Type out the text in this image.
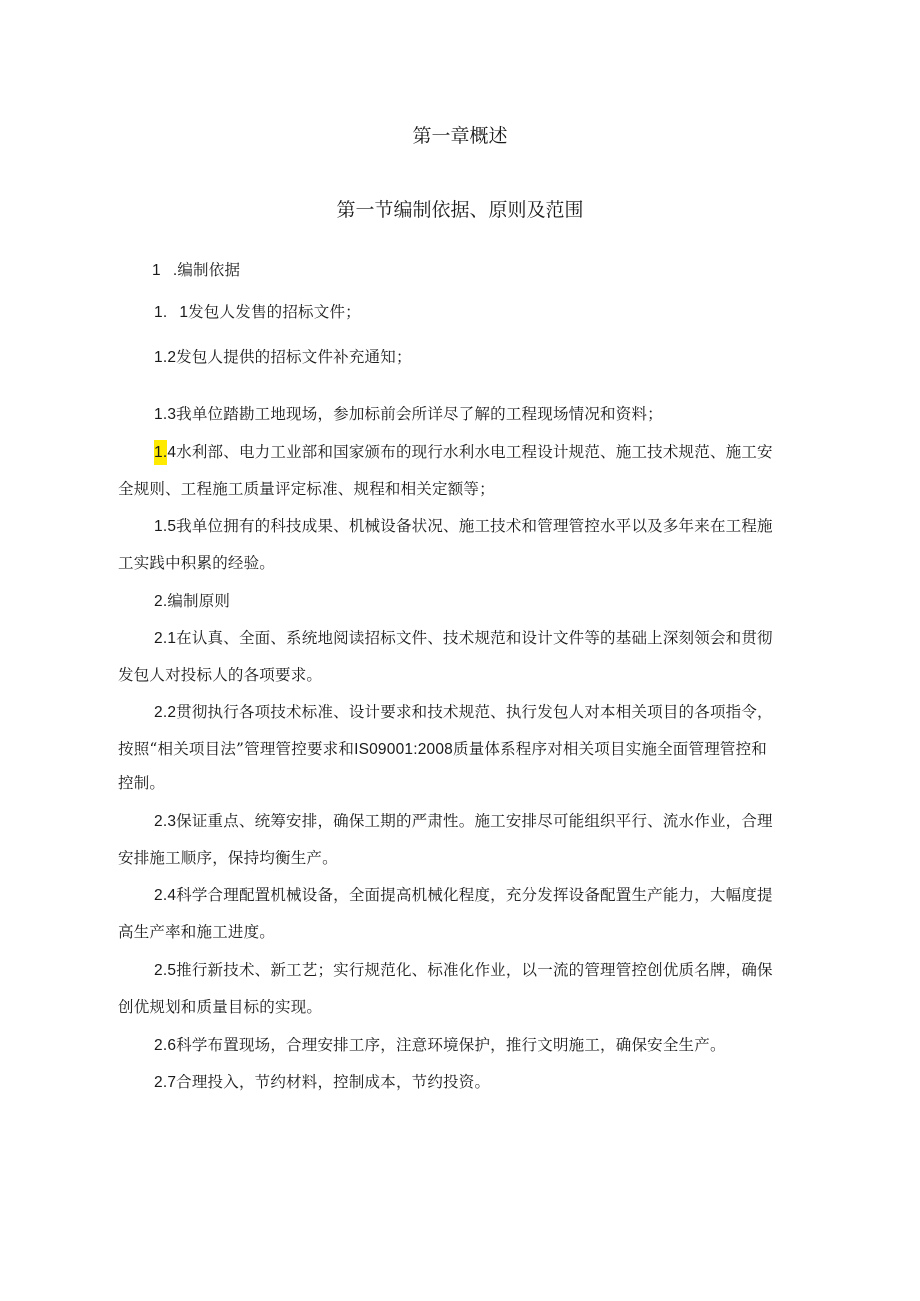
第一章概述
第一节编制依据、原则及范围
1 .编制依据
1. 1发包人发售的招标文件；
1.2发包人提供的招标文件补充通知；
1.3我单位踏勘工地现场，参加标前会所详尽了解的工程现场情况和资料；
1.4水利部、电力工业部和国家颁布的现行水利水电工程设计规范、施工技术规范、施工安
全规则、工程施工质量评定标准、规程和相关定额等；
1.5我单位拥有的科技成果、机械设备状况、施工技术和管理管控水平以及多年来在工程施
工实践中积累的经验。
2.编制原则
2.1在认真、全面、系统地阅读招标文件、技术规范和设计文件等的基础上深刻领会和贯彻
发包人对投标人的各项要求。
2.2贯彻执行各项技术标准、设计要求和技术规范、执行发包人对本相关项目的各项指令，
按照“相关项目法”管理管控要求和IS09001:2008质量体系程序对相关项目实施全面管理管控和
控制。
2.3保证重点、统筹安排，确保工期的严肃性。施工安排尽可能组织平行、流水作业，合理
安排施工顺序，保持均衡生产。
2.4科学合理配置机械设备，全面提高机械化程度，充分发挥设备配置生产能力，大幅度提
高生产率和施工进度。
2.5推行新技术、新工艺；实行规范化、标准化作业，以一流的管理管控创优质名牌，确保
创优规划和质量目标的实现。
2.6科学布置现场，合理安排工序，注意环境保护，推行文明施工，确保安全生产。
2.7合理投入，节约材料，控制成本，节约投资。
